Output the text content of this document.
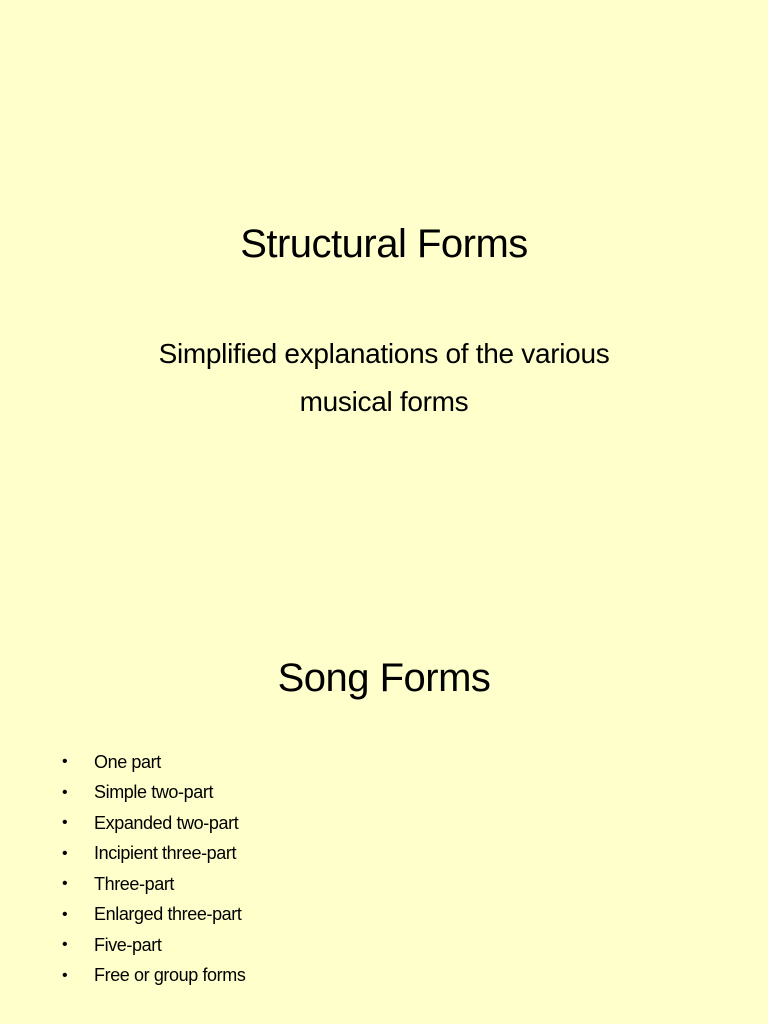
Structural Forms
Simplified explanations of the various
musical forms
Song Forms
•	One part
•	Simple two-part
•	Expanded two-part
•	Incipient three-part
•	Three-part
•	Enlarged three-part
•	Five-part
•	Free or group forms
